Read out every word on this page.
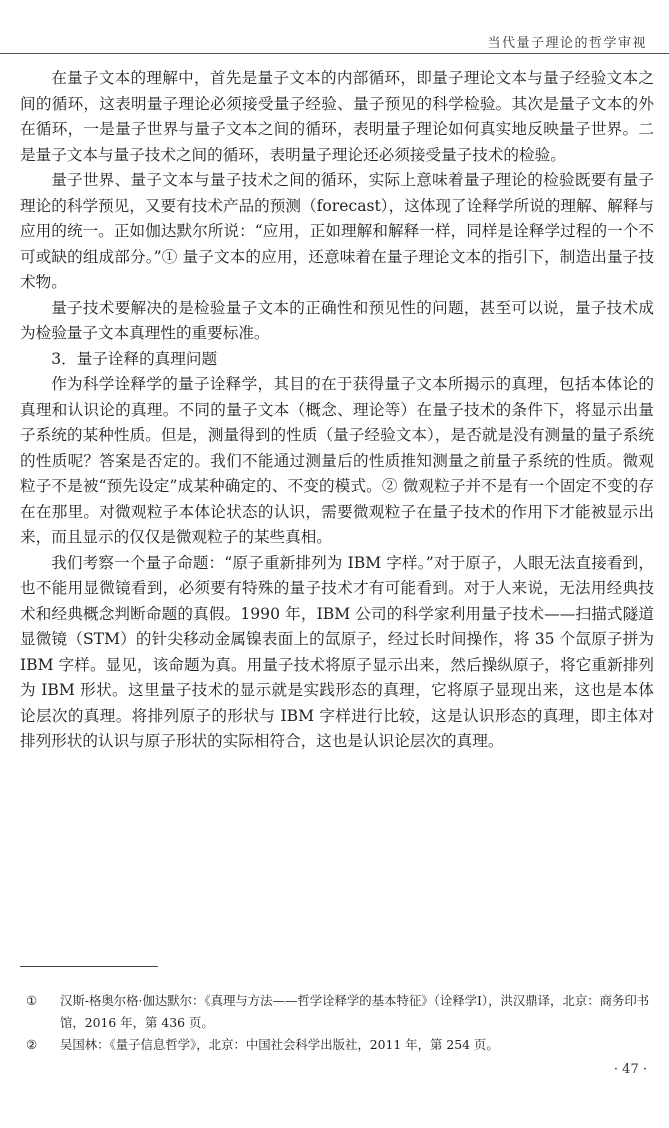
当代量子理论的哲学审视

在量子文本的理解中，首先是量子文本的内部循环，即量子理论文本与量子经验文本之间的循环，这表明量子理论必须接受量子经验、量子预见的科学检验。其次是量子文本的外在循环，一是量子世界与量子文本之间的循环，表明量子理论如何真实地反映量子世界。二是量子文本与量子技术之间的循环，表明量子理论还必须接受量子技术的检验。

量子世界、量子文本与量子技术之间的循环，实际上意味着量子理论的检验既要有量子理论的科学预见，又要有技术产品的预测（forecast），这体现了诠释学所说的理解、解释与应用的统一。正如伽达默尔所说：“应用，正如理解和解释一样，同样是诠释学过程的一个不可或缺的组成部分。”① 量子文本的应用，还意味着在量子理论文本的指引下，制造出量子技术物。

量子技术要解决的是检验量子文本的正确性和预见性的问题，甚至可以说，量子技术成为检验量子文本真理性的重要标准。

3．量子诠释的真理问题

作为科学诠释学的量子诠释学，其目的在于获得量子文本所揭示的真理，包括本体论的真理和认识论的真理。不同的量子文本（概念、理论等）在量子技术的条件下，将显示出量子系统的某种性质。但是，测量得到的性质（量子经验文本），是否就是没有测量的量子系统的性质呢？答案是否定的。我们不能通过测量后的性质推知测量之前量子系统的性质。微观粒子不是被“预先设定”成某种确定的、不变的模式。② 微观粒子并不是有一个固定不变的存在在那里。对微观粒子本体论状态的认识，需要微观粒子在量子技术的作用下才能被显示出来，而且显示的仅仅是微观粒子的某些真相。

我们考察一个量子命题：“原子重新排列为 IBM 字样。”对于原子，人眼无法直接看到，也不能用显微镜看到，必须要有特殊的量子技术才有可能看到。对于人来说，无法用经典技术和经典概念判断命题的真假。1990 年，IBM 公司的科学家利用量子技术——扫描式隧道显微镜（STM）的针尖移动金属镍表面上的氙原子，经过长时间操作，将 35 个氙原子拼为 IBM 字样。显见，该命题为真。用量子技术将原子显示出来，然后操纵原子，将它重新排列为 IBM 形状。这里量子技术的显示就是实践形态的真理，它将原子显现出来，这也是本体论层次的真理。将排列原子的形状与 IBM 字样进行比较，这是认识形态的真理，即主体对排列形状的认识与原子形状的实际相符合，这也是认识论层次的真理。

①	汉斯-格奥尔格·伽达默尔：《真理与方法——哲学诠释学的基本特征》（诠释学Ⅰ），洪汉鼎译，北京：商务印书馆，2016 年，第 436 页。
②	吴国林：《量子信息哲学》，北京：中国社会科学出版社，2011 年，第 254 页。
· 47 ·
